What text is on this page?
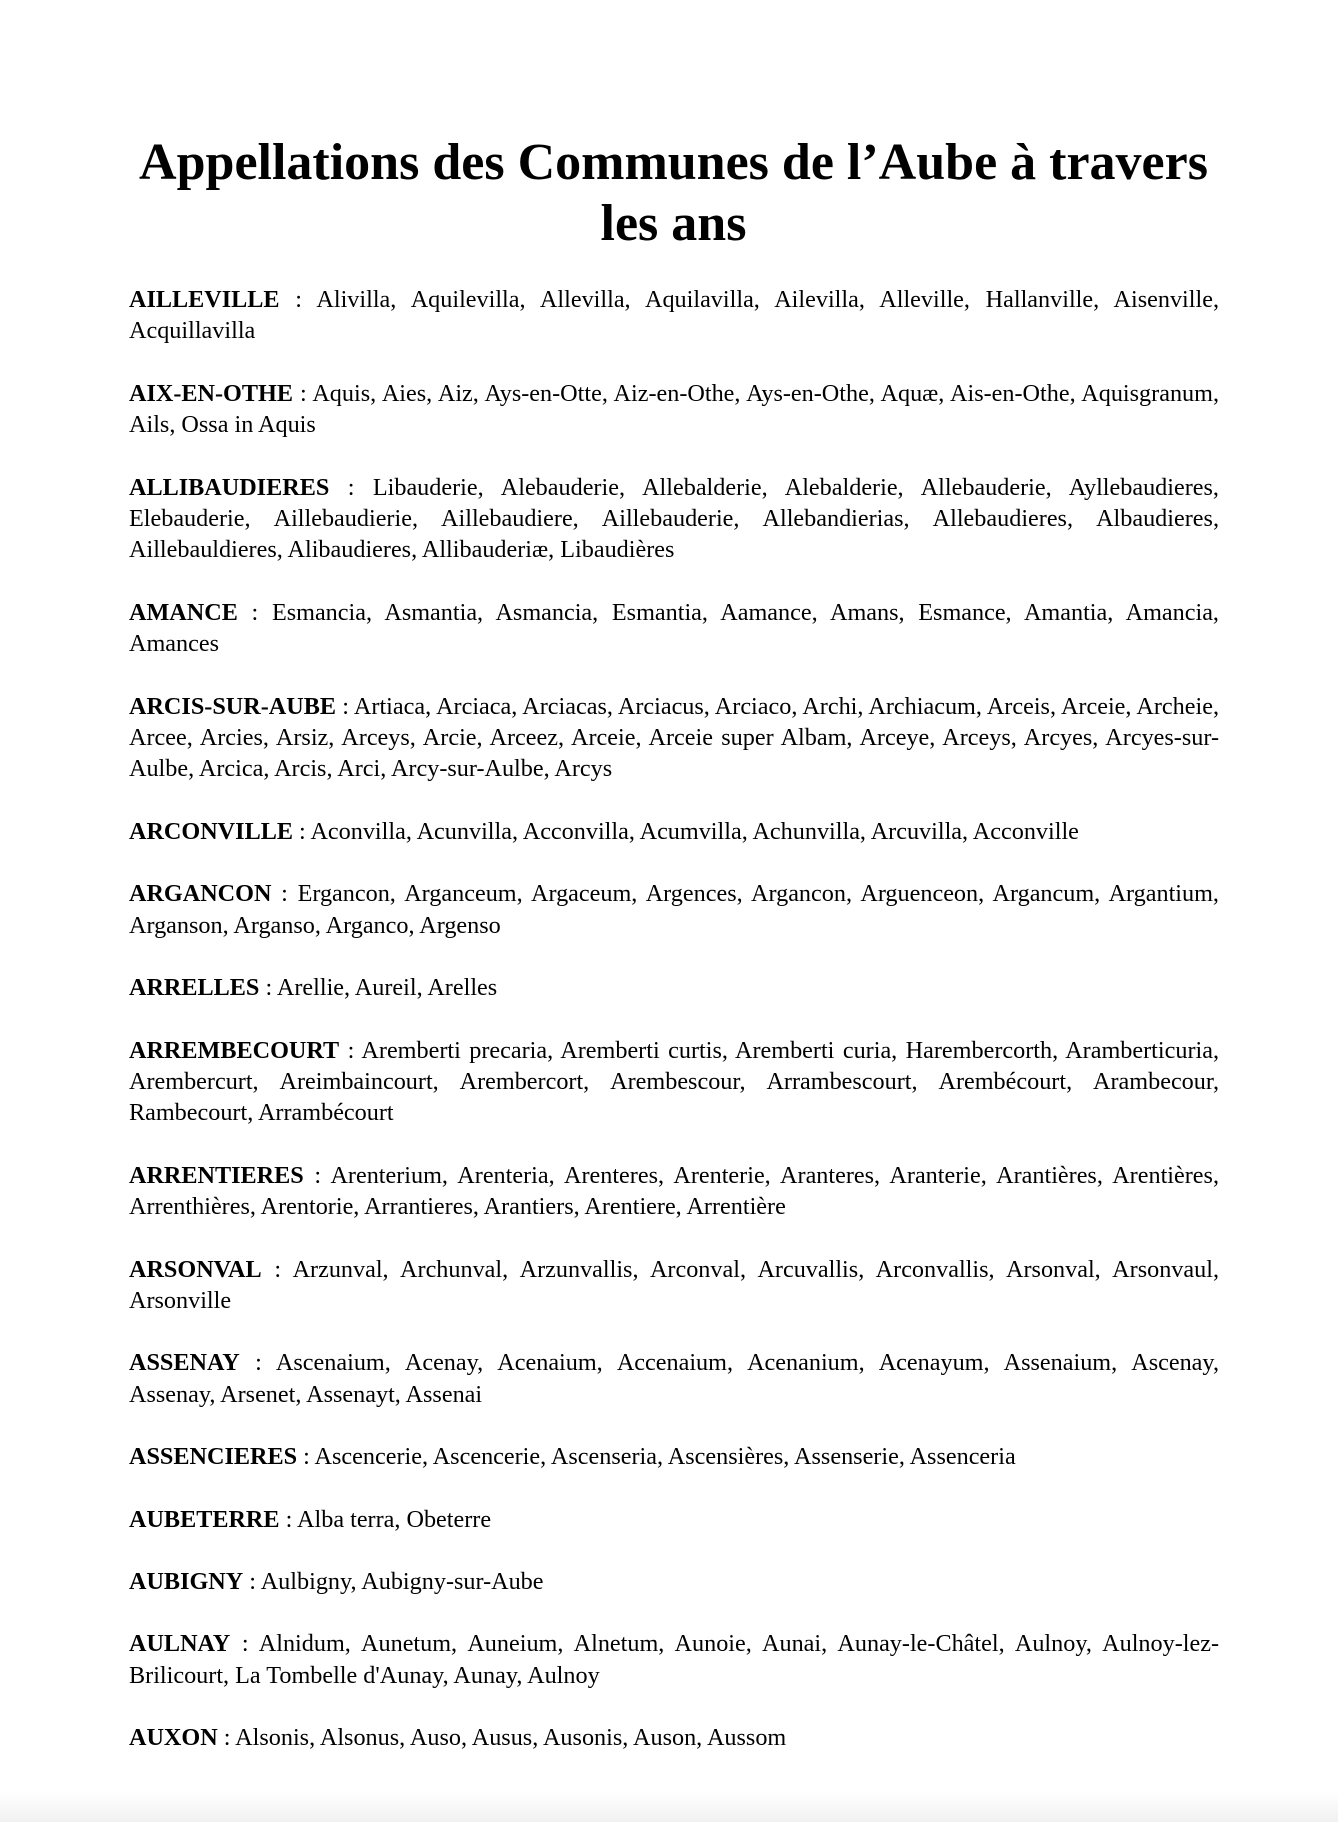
Appellations des Communes de l’Aube à travers les ans
AILLEVILLE : Alivilla, Aquilevilla, Allevilla, Aquilavilla, Ailevilla, Alleville, Hallanville, Aisenville, Acquillavilla
AIX-EN-OTHE : Aquis, Aies, Aiz, Ays-en-Otte, Aiz-en-Othe, Ays-en-Othe, Aquæ, Ais-en-Othe, Aquisgranum, Ails, Ossa in Aquis
ALLIBAUDIERES : Libauderie, Alebauderie, Allebalderie, Alebalderie, Allebauderie, Ayllebaudieres, Elebauderie, Aillebaudierie, Aillebaudiere, Aillebauderie, Allebandierias, Allebaudieres, Albaudieres, Aillebauldieres, Alibaudieres, Allibauderiæ, Libaudières
AMANCE : Esmancia, Asmantia, Asmancia, Esmantia, Aamance, Amans, Esmance, Amantia, Amancia, Amances
ARCIS-SUR-AUBE : Artiaca, Arciaca, Arciacas, Arciacus, Arciaco, Archi, Archiacum, Arceis, Arceie, Archeie, Arcee, Arcies, Arsiz, Arceys, Arcie, Arceez, Arceie, Arceie super Albam, Arceye, Arceys, Arcyes, Arcyes-sur-Aulbe, Arcica, Arcis, Arci, Arcy-sur-Aulbe, Arcys
ARCONVILLE : Aconvilla, Acunvilla, Acconvilla, Acumvilla, Achunvilla, Arcuvilla, Acconville
ARGANCON : Ergancon, Arganceum, Argaceum, Argences, Argancon, Arguenceon, Argancum, Argantium, Arganson, Arganso, Arganco, Argenso
ARRELLES : Arellie, Aureil, Arelles
ARREMBECOURT : Aremberti precaria, Aremberti curtis, Aremberti curia, Harembercorth, Aramberticuria, Arembercurt, Areimbaincourt, Arembercort, Arembescour, Arrambescourt, Arembécourt, Arambecour, Rambecourt, Arrambécourt
ARRENTIERES : Arenterium, Arenteria, Arenteres, Arenterie, Aranteres, Aranterie, Arantières, Arentières, Arrenthières, Arentorie, Arrantieres, Arantiers, Arentiere, Arrentière
ARSONVAL : Arzunval, Archunval, Arzunvallis, Arconval, Arcuvallis, Arconvallis, Arsonval, Arsonvaul, Arsonville
ASSENAY : Ascenaium, Acenay, Acenaium, Accenaium, Acenanium, Acenayum, Assenaium, Ascenay, Assenay, Arsenet, Assenayt, Assenai
ASSENCIERES : Ascencerie, Ascencerie, Ascenseria, Ascensières, Assenserie, Assenceria
AUBETERRE : Alba terra, Obeterre
AUBIGNY : Aulbigny, Aubigny-sur-Aube
AULNAY : Alnidum, Aunetum, Auneium, Alnetum, Aunoie, Aunai, Aunay-le-Châtel, Aulnoy, Aulnoy-lez-Brilicourt, La Tombelle d'Aunay, Aunay, Aulnoy
AUXON : Alsonis, Alsonus, Auso, Ausus, Ausonis, Auson, Aussom
